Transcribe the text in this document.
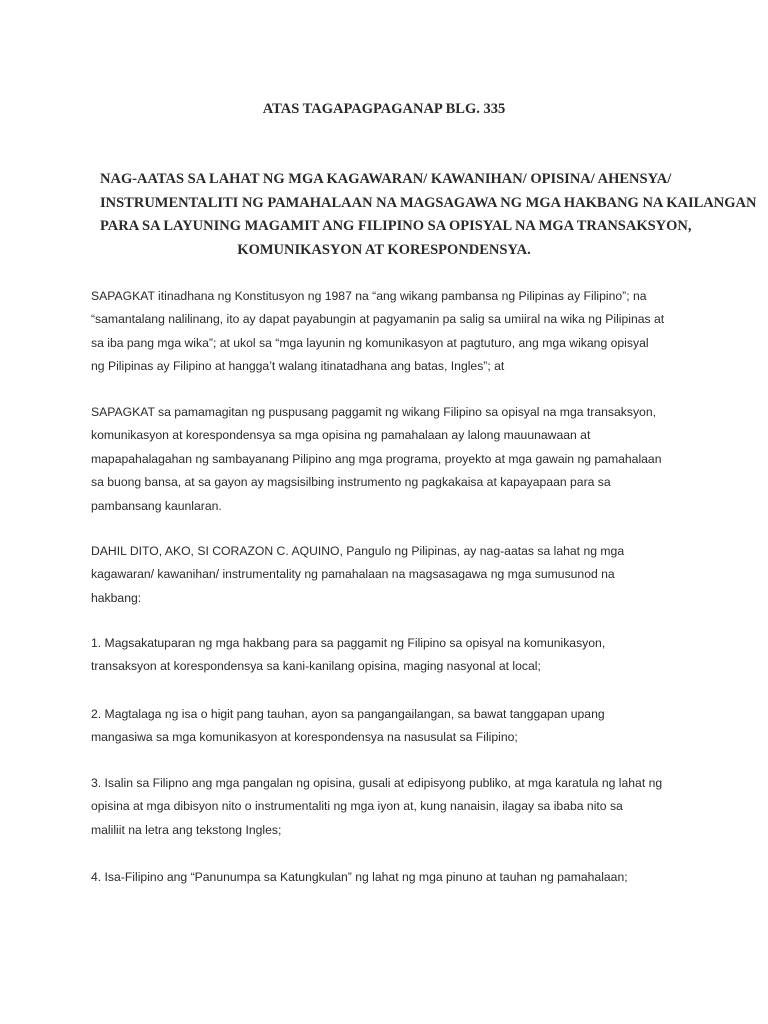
ATAS TAGAPAGPAGANAP BLG. 335
NAG-AATAS SA LAHAT NG MGA KAGAWARAN/ KAWANIHAN/ OPISINA/ AHENSYA/
INSTRUMENTALITI NG PAMAHALAAN NA MAGSAGAWA NG MGA HAKBANG NA KAILANGAN
PARA SA LAYUNING MAGAMIT ANG FILIPINO SA OPISYAL NA MGA TRANSAKSYON,
KOMUNIKASYON AT KORESPONDENSYA.

SAPAGKAT itinadhana ng Konstitusyon ng 1987 na “ang wikang pambansa ng Pilipinas ay Filipino”; na
“samantalang nalilinang, ito ay dapat payabungin at pagyamanin pa salig sa umiiral na wika ng Pilipinas at
sa iba pang mga wika”; at ukol sa “mga layunin ng komunikasyon at pagtuturo, ang mga wikang opisyal
ng Pilipinas ay Filipino at hangga’t walang itinatadhana ang batas, Ingles”; at

SAPAGKAT sa pamamagitan ng puspusang paggamit ng wikang Filipino sa opisyal na mga transaksyon,
komunikasyon at korespondensya sa mga opisina ng pamahalaan ay lalong mauunawaan at
mapapahalagahan ng sambayanang Pilipino ang mga programa, proyekto at mga gawain ng pamahalaan
sa buong bansa, at sa gayon ay magsisilbing instrumento ng pagkakaisa at kapayapaan para sa
pambansang kaunlaran.

DAHIL DITO, AKO, SI CORAZON C. AQUINO, Pangulo ng Pilipinas, ay nag-aatas sa lahat ng mga
kagawaran/ kawanihan/ instrumentality ng pamahalaan na magsasagawa ng mga sumusunod na
hakbang:

1. Magsakatuparan ng mga hakbang para sa paggamit ng Filipino sa opisyal na komunikasyon,
transaksyon at korespondensya sa kani-kanilang opisina, maging nasyonal at local;

2. Magtalaga ng isa o higit pang tauhan, ayon sa pangangailangan, sa bawat tanggapan upang
mangasiwa sa mga komunikasyon at korespondensya na nasusulat sa Filipino;

3. Isalin sa Filipno ang mga pangalan ng opisina, gusali at edipisyong publiko, at mga karatula ng lahat ng
opisina at mga dibisyon nito o instrumentaliti ng mga iyon at, kung nanaisin, ilagay sa ibaba nito sa
maliliit na letra ang tekstong Ingles;

4. Isa-Filipino ang “Panunumpa sa Katungkulan” ng lahat ng mga pinuno at tauhan ng pamahalaan;
